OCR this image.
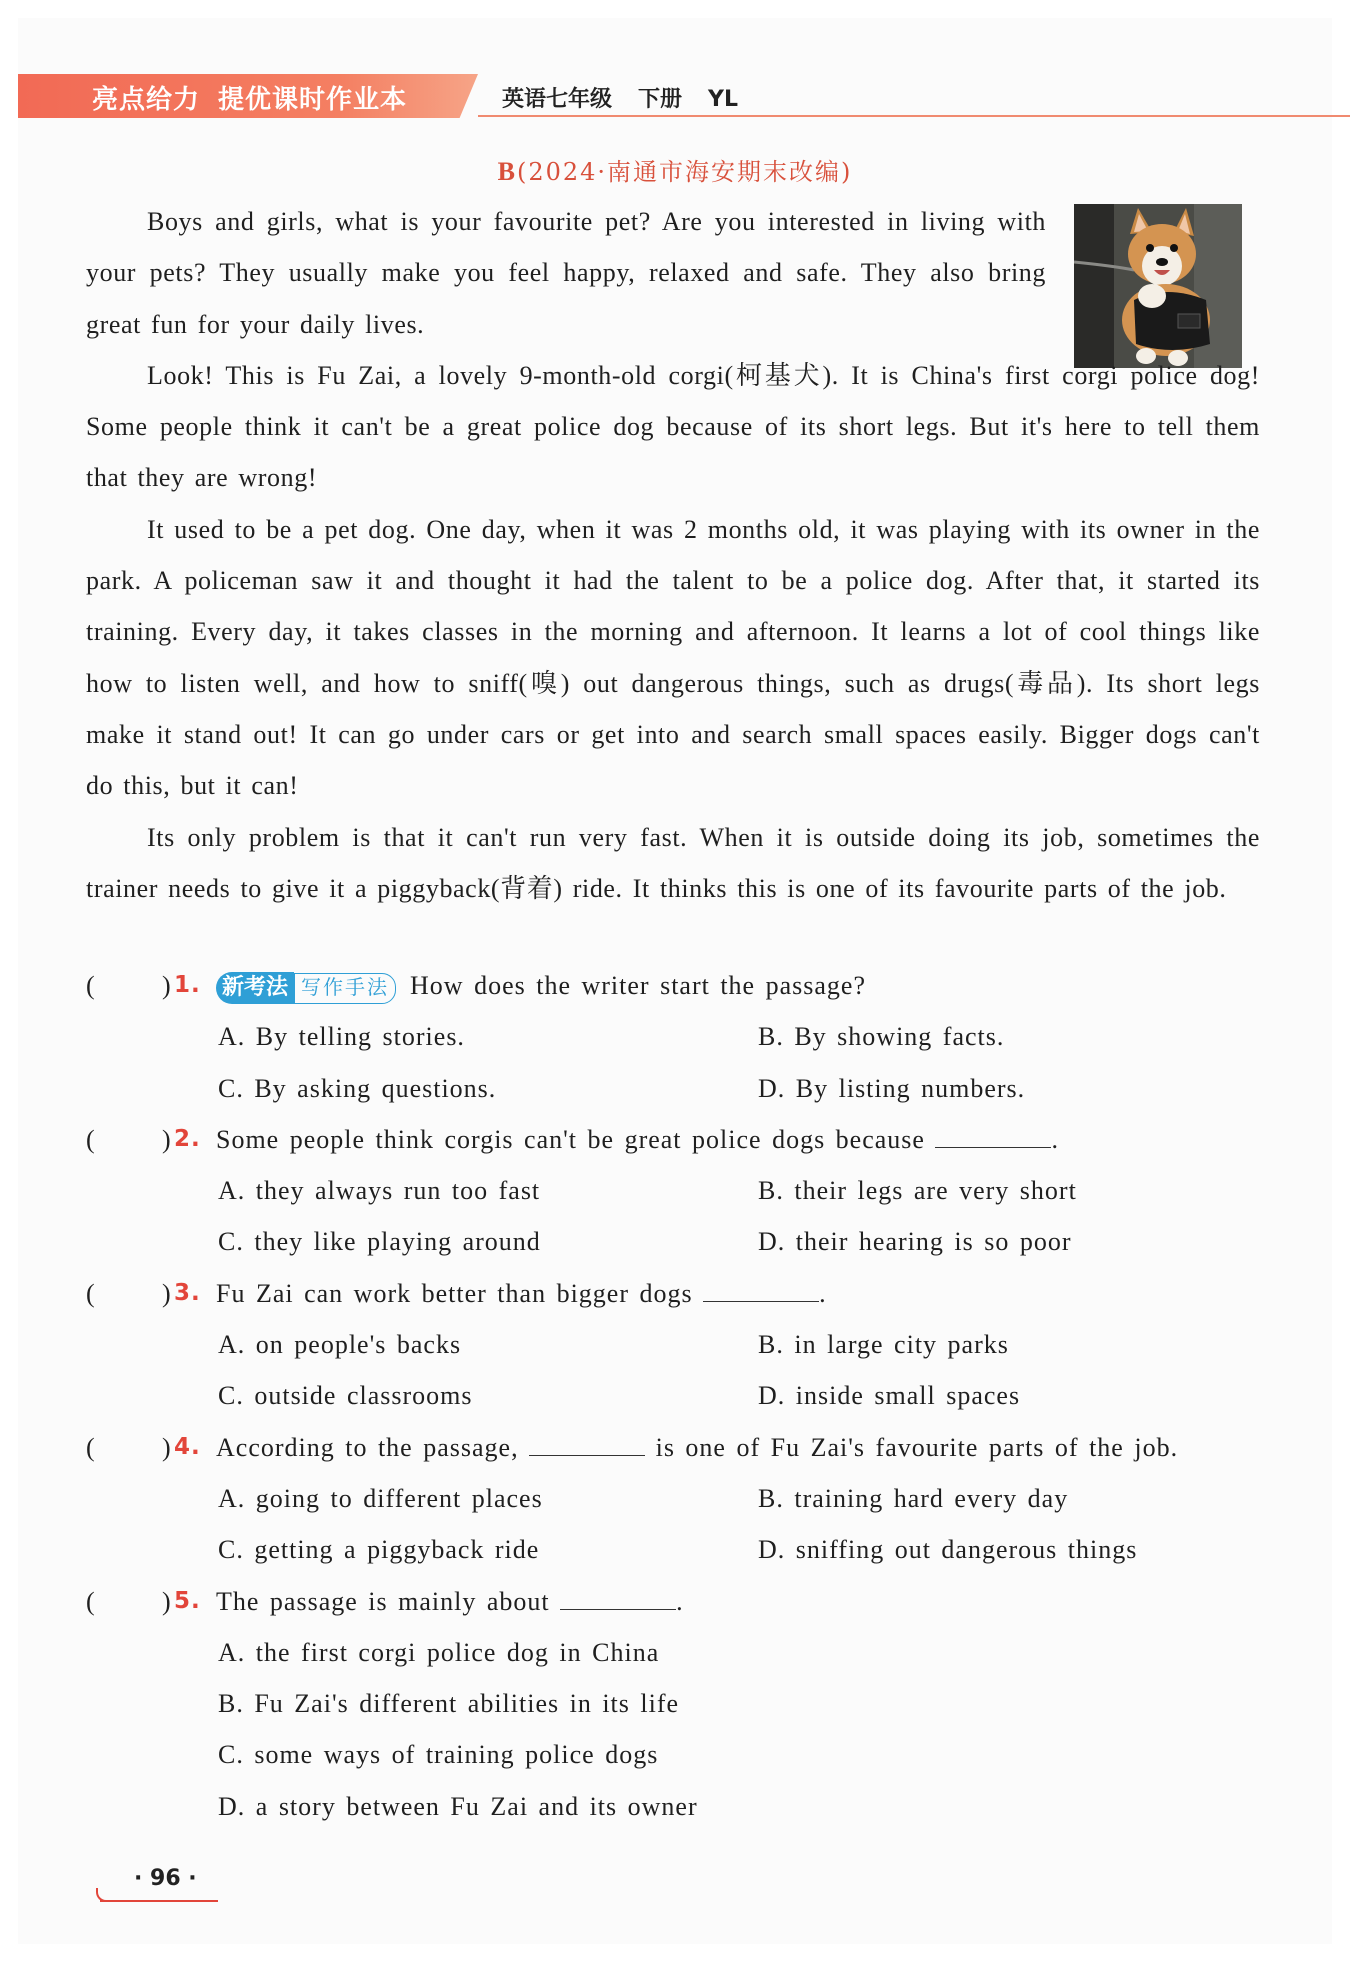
亮点给力 提优课时作业本	英语七年级 下册 YL
B(2024·南通市海安期末改编)

Boys and girls, what is your favourite pet? Are you interested in living with your pets? They usually make you feel happy, relaxed and safe. They also bring great fun for your daily lives.

Look! This is Fu Zai, a lovely 9-month-old corgi(柯基犬). It is China's first corgi police dog! Some people think it can't be a great police dog because of its short legs. But it's here to tell them that they are wrong!

It used to be a pet dog. One day, when it was 2 months old, it was playing with its owner in the park. A policeman saw it and thought it had the talent to be a police dog. After that, it started its training. Every day, it takes classes in the morning and afternoon. It learns a lot of cool things like how to listen well, and how to sniff(嗅) out dangerous things, such as drugs(毒品). Its short legs make it stand out! It can go under cars or get into and search small spaces easily. Bigger dogs can't do this, but it can!

Its only problem is that it can't run very fast. When it is outside doing its job, sometimes the trainer needs to give it a piggyback(背着) ride. It thinks this is one of its favourite parts of the job.

(	) 1. 新考法 写作手法 How does the writer start the passage?
A. By telling stories.	B. By showing facts.
C. By asking questions.	D. By listing numbers.
(	) 2. Some people think corgis can't be great police dogs because	.
A. they always run too fast	B. their legs are very short
C. they like playing around	D. their hearing is so poor
(	) 3. Fu Zai can work better than bigger dogs	.
A. on people's backs	B. in large city parks
C. outside classrooms	D. inside small spaces
(	) 4. According to the passage,	is one of Fu Zai's favourite parts of the job.
A. going to different places	B. training hard every day
C. getting a piggyback ride	D. sniffing out dangerous things
(	) 5. The passage is mainly about	.
A. the first corgi police dog in China
B. Fu Zai's different abilities in its life
C. some ways of training police dogs
D. a story between Fu Zai and its owner
· 96 ·
